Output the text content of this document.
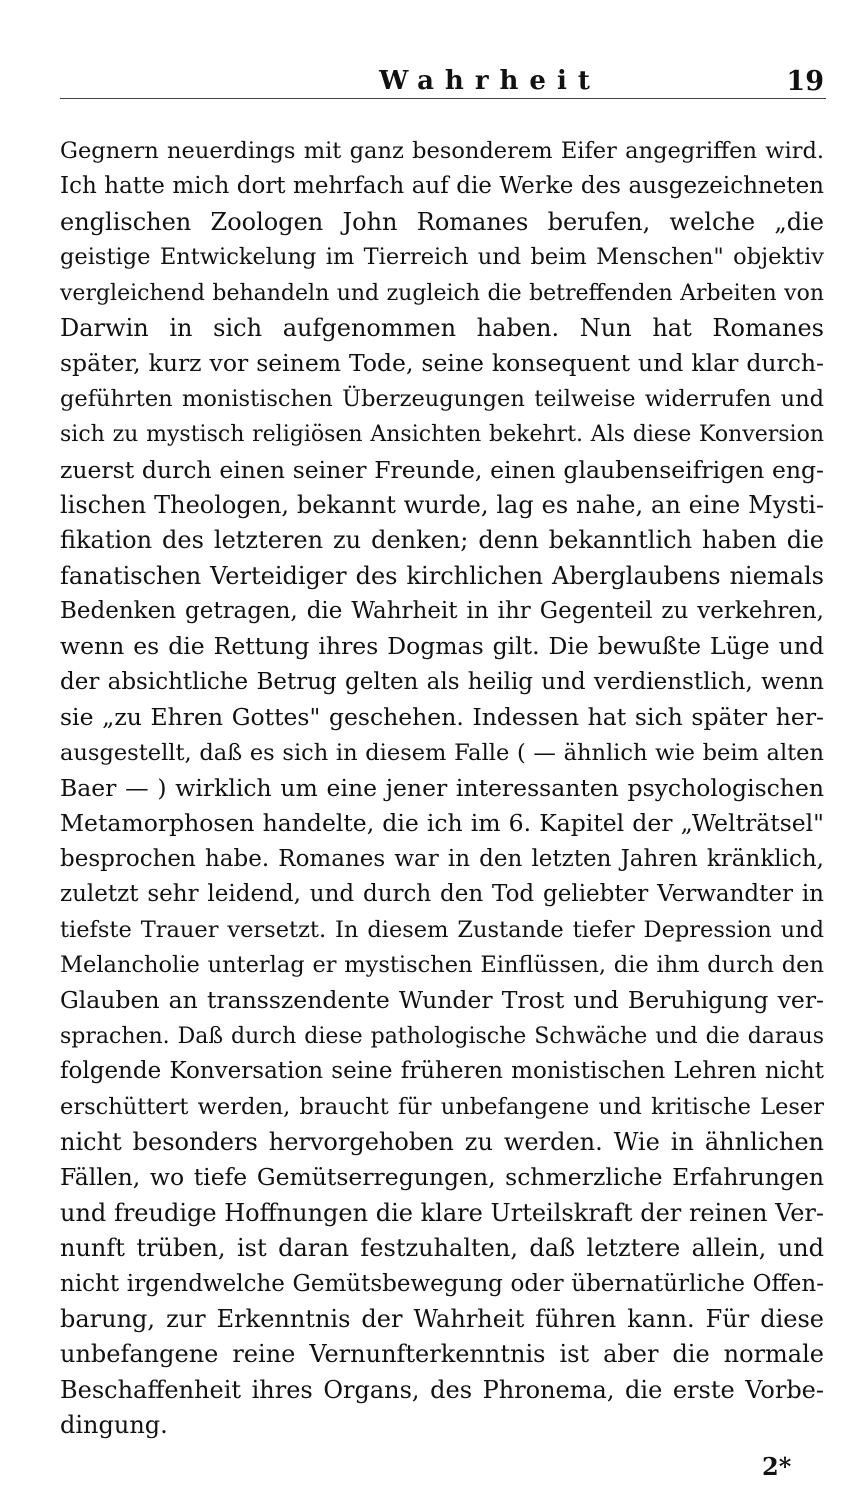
Wahrheit	19
Gegnern neuerdings mit ganz besonderem Eifer angegriffen wird.
Ich hatte mich dort mehrfach auf die Werke des ausgezeichneten
englischen Zoologen John Romanes berufen, welche „die
geistige Entwickelung im Tierreich und beim Menschen" objektiv
vergleichend behandeln und zugleich die betreffenden Arbeiten von
Darwin in sich aufgenommen haben. Nun hat Romanes
später, kurz vor seinem Tode, seine konsequent und klar durch-
geführten monistischen Überzeugungen teilweise widerrufen und
sich zu mystisch religiösen Ansichten bekehrt. Als diese Konversion
zuerst durch einen seiner Freunde, einen glaubenseifrigen eng-
lischen Theologen, bekannt wurde, lag es nahe, an eine Mysti-
fikation des letzteren zu denken; denn bekanntlich haben die
fanatischen Verteidiger des kirchlichen Aberglaubens niemals
Bedenken getragen, die Wahrheit in ihr Gegenteil zu verkehren,
wenn es die Rettung ihres Dogmas gilt. Die bewußte Lüge und
der absichtliche Betrug gelten als heilig und verdienstlich, wenn
sie „zu Ehren Gottes" geschehen. Indessen hat sich später her-
ausgestellt, daß es sich in diesem Falle ( — ähnlich wie beim alten
Baer — ) wirklich um eine jener interessanten psychologischen
Metamorphosen handelte, die ich im 6. Kapitel der „Welträtsel"
besprochen habe. Romanes war in den letzten Jahren kränklich,
zuletzt sehr leidend, und durch den Tod geliebter Verwandter in
tiefste Trauer versetzt. In diesem Zustande tiefer Depression und
Melancholie unterlag er mystischen Einflüssen, die ihm durch den
Glauben an transszendente Wunder Trost und Beruhigung ver-
sprachen. Daß durch diese pathologische Schwäche und die daraus
folgende Konversation seine früheren monistischen Lehren nicht
erschüttert werden, braucht für unbefangene und kritische Leser
nicht besonders hervorgehoben zu werden. Wie in ähnlichen
Fällen, wo tiefe Gemütserregungen, schmerzliche Erfahrungen
und freudige Hoffnungen die klare Urteilskraft der reinen Ver-
nunft trüben, ist daran festzuhalten, daß letztere allein, und
nicht irgendwelche Gemütsbewegung oder übernatürliche Offen-
barung, zur Erkenntnis der Wahrheit führen kann. Für diese
unbefangene reine Vernunfterkenntnis ist aber die normale
Beschaffenheit ihres Organs, des Phronema, die erste Vorbe-
dingung.
2*
